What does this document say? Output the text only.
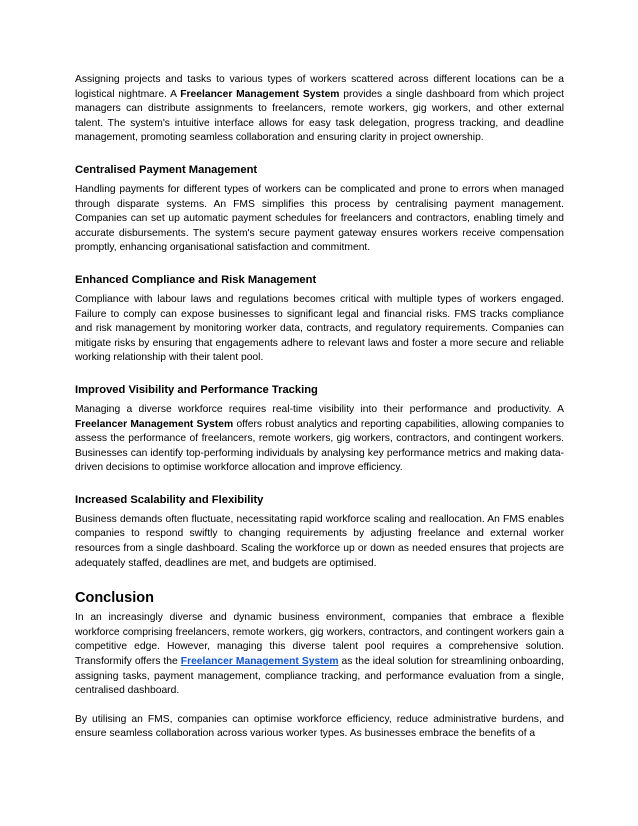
Assigning projects and tasks to various types of workers scattered across different locations can be a logistical nightmare. A Freelancer Management System provides a single dashboard from which project managers can distribute assignments to freelancers, remote workers, gig workers, and other external talent. The system's intuitive interface allows for easy task delegation, progress tracking, and deadline management, promoting seamless collaboration and ensuring clarity in project ownership.

Centralised Payment Management

Handling payments for different types of workers can be complicated and prone to errors when managed through disparate systems. An FMS simplifies this process by centralising payment management. Companies can set up automatic payment schedules for freelancers and contractors, enabling timely and accurate disbursements. The system's secure payment gateway ensures workers receive compensation promptly, enhancing organisational satisfaction and commitment.

Enhanced Compliance and Risk Management

Compliance with labour laws and regulations becomes critical with multiple types of workers engaged. Failure to comply can expose businesses to significant legal and financial risks. FMS tracks compliance and risk management by monitoring worker data, contracts, and regulatory requirements. Companies can mitigate risks by ensuring that engagements adhere to relevant laws and foster a more secure and reliable working relationship with their talent pool.

Improved Visibility and Performance Tracking

Managing a diverse workforce requires real-time visibility into their performance and productivity. A Freelancer Management System offers robust analytics and reporting capabilities, allowing companies to assess the performance of freelancers, remote workers, gig workers, contractors, and contingent workers. Businesses can identify top-performing individuals by analysing key performance metrics and making data-driven decisions to optimise workforce allocation and improve efficiency.

Increased Scalability and Flexibility

Business demands often fluctuate, necessitating rapid workforce scaling and reallocation. An FMS enables companies to respond swiftly to changing requirements by adjusting freelance and external worker resources from a single dashboard. Scaling the workforce up or down as needed ensures that projects are adequately staffed, deadlines are met, and budgets are optimised.

Conclusion

In an increasingly diverse and dynamic business environment, companies that embrace a flexible workforce comprising freelancers, remote workers, gig workers, contractors, and contingent workers gain a competitive edge. However, managing this diverse talent pool requires a comprehensive solution. Transformify offers the Freelancer Management System as the ideal solution for streamlining onboarding, assigning tasks, payment management, compliance tracking, and performance evaluation from a single, centralised dashboard.

By utilising an FMS, companies can optimise workforce efficiency, reduce administrative burdens, and ensure seamless collaboration across various worker types. As businesses embrace the benefits of a
